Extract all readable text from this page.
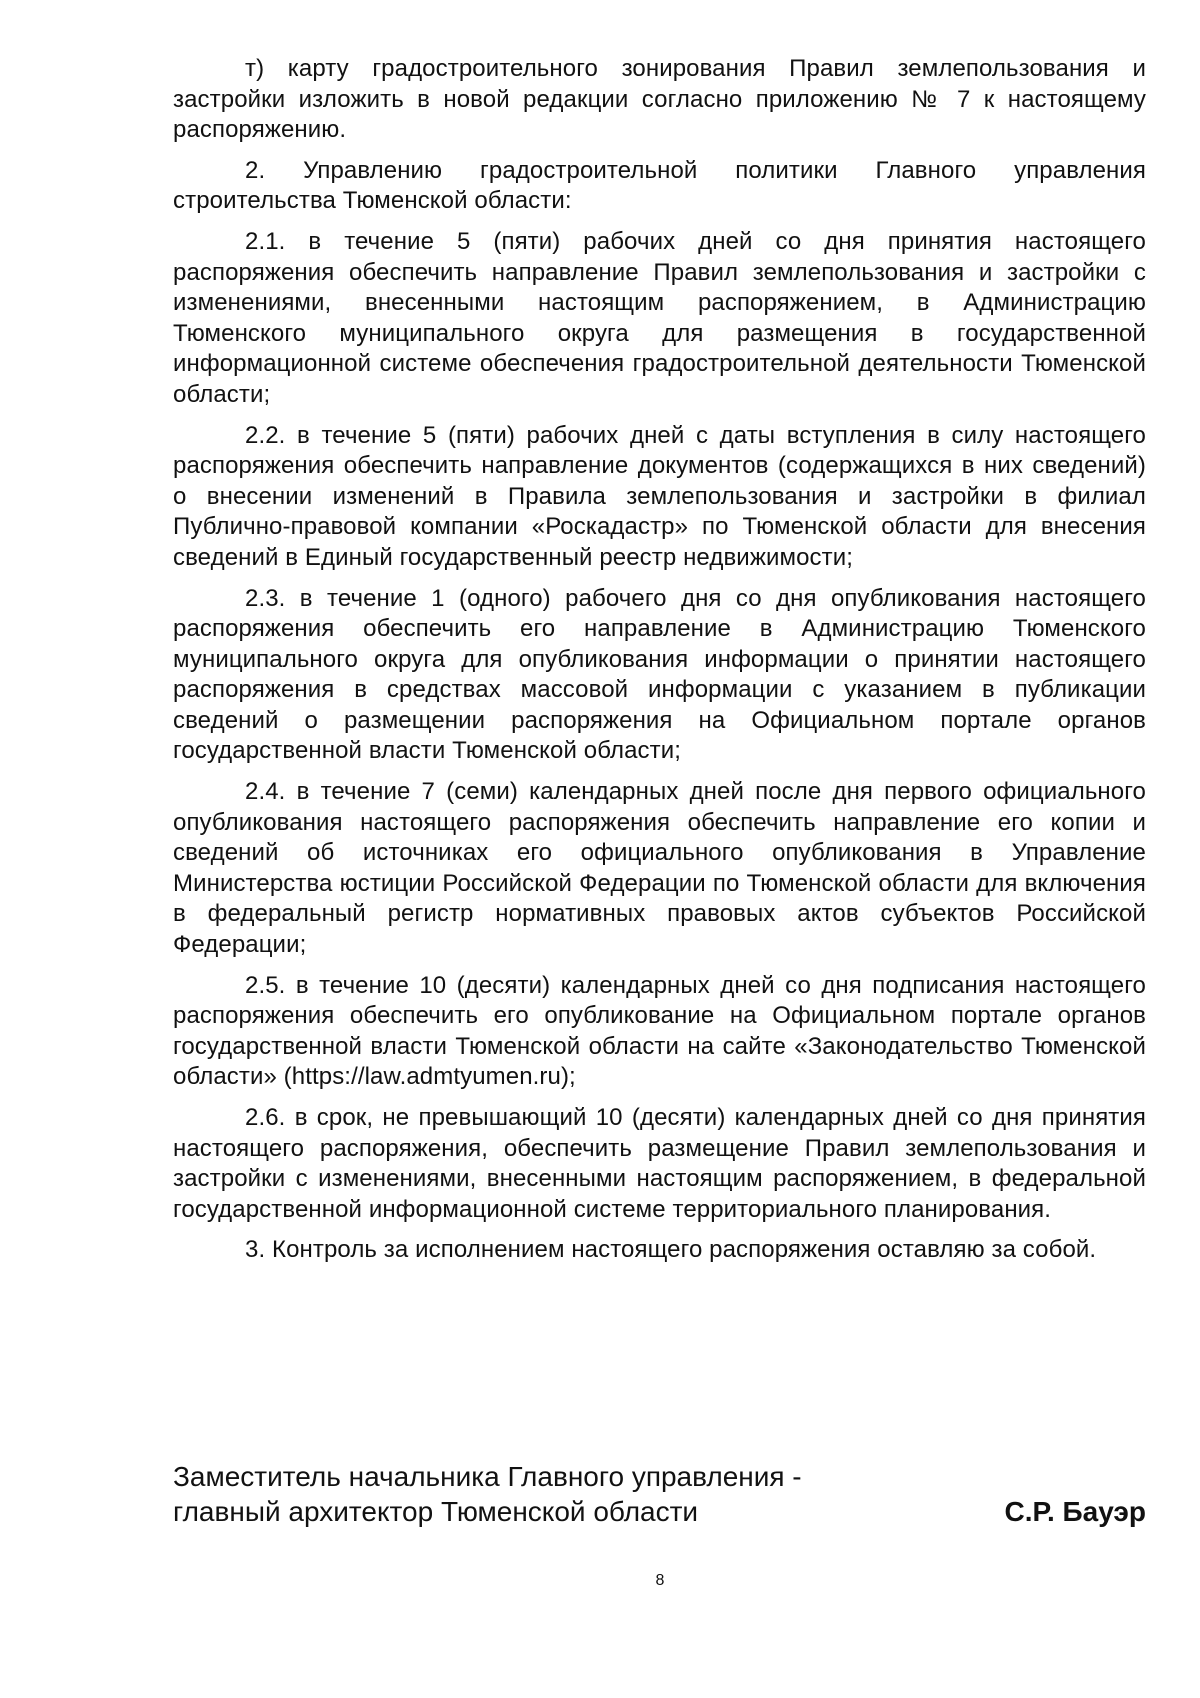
т) карту градостроительного зонирования Правил землепользования и застройки изложить в новой редакции согласно приложению № 7 к настоящему распоряжению.

2. Управлению градостроительной политики Главного управления строительства Тюменской области:

2.1. в течение 5 (пяти) рабочих дней со дня принятия настоящего распоряжения обеспечить направление Правил землепользования и застройки с изменениями, внесенными настоящим распоряжением, в Администрацию Тюменского муниципального округа для размещения в государственной информационной системе обеспечения градостроительной деятельности Тюменской области;

2.2. в течение 5 (пяти) рабочих дней с даты вступления в силу настоящего распоряжения обеспечить направление документов (содержащихся в них сведений) о внесении изменений в Правила землепользования и застройки в филиал Публично-правовой компании «Роскадастр» по Тюменской области для внесения сведений в Единый государственный реестр недвижимости;

2.3. в течение 1 (одного) рабочего дня со дня опубликования настоящего распоряжения обеспечить его направление в Администрацию Тюменского муниципального округа для опубликования информации о принятии настоящего распоряжения в средствах массовой информации с указанием в публикации сведений о размещении распоряжения на Официальном портале органов государственной власти Тюменской области;

2.4. в течение 7 (семи) календарных дней после дня первого официального опубликования настоящего распоряжения обеспечить направление его копии и сведений об источниках его официального опубликования в Управление Министерства юстиции Российской Федерации по Тюменской области для включения в федеральный регистр нормативных правовых актов субъектов Российской Федерации;

2.5. в течение 10 (десяти) календарных дней со дня подписания настоящего распоряжения обеспечить его опубликование на Официальном портале органов государственной власти Тюменской области на сайте «Законодательство Тюменской области» (https://law.admtyumen.ru);

2.6. в срок, не превышающий 10 (десяти) календарных дней со дня принятия настоящего распоряжения, обеспечить размещение Правил землепользования и застройки с изменениями, внесенными настоящим распоряжением, в федеральной государственной информационной системе территориального планирования.

3. Контроль за исполнением настоящего распоряжения оставляю за собой.

Заместитель начальника Главного управления -
главный архитектор Тюменской области	С.Р. Бауэр
8
